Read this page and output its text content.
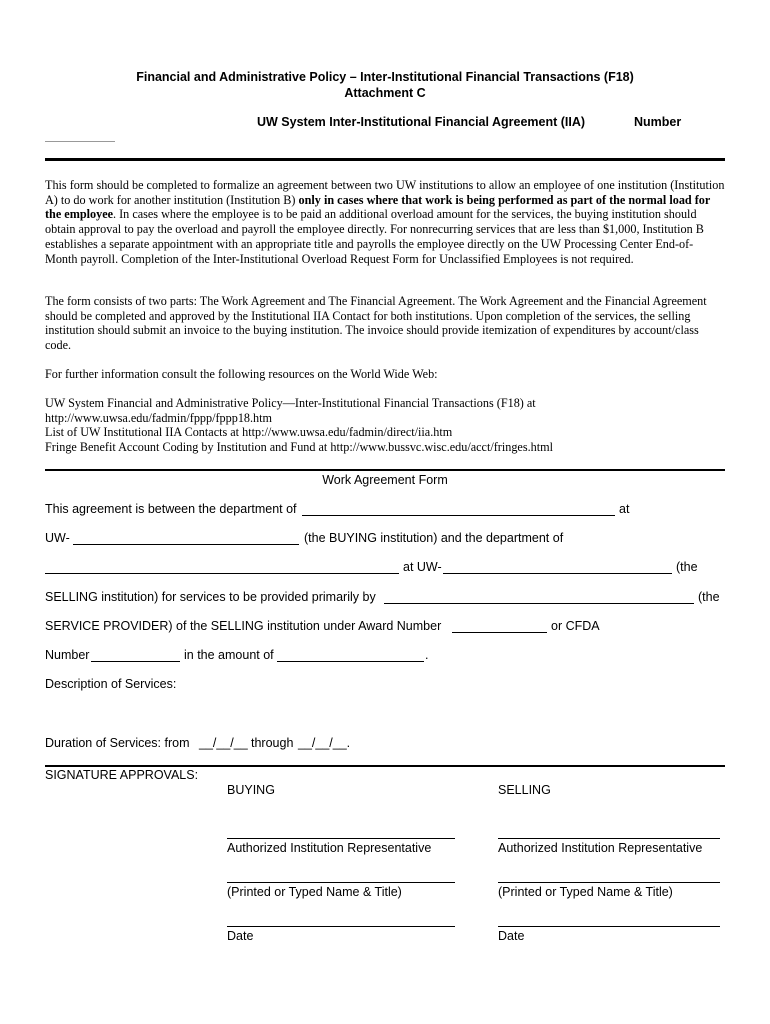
Financial and Administrative Policy – Inter-Institutional Financial Transactions (F18)
Attachment C
UW System Inter-Institutional Financial Agreement (IIA)	Number

This form should be completed to formalize an agreement between two UW institutions to allow an employee of one institution (Institution A) to do work for another institution (Institution B) only in cases where that work is being performed as part of the normal load for the employee. In cases where the employee is to be paid an additional overload amount for the services, the buying institution should obtain approval to pay the overload and payroll the employee directly. For nonrecurring services that are less than $1,000, Institution B establishes a separate appointment with an appropriate title and payrolls the employee directly on the UW Processing Center End-of-Month payroll. Completion of the Inter-Institutional Overload Request Form for Unclassified Employees is not required.

The form consists of two parts: The Work Agreement and The Financial Agreement. The Work Agreement and the Financial Agreement should be completed and approved by the Institutional IIA Contact for both institutions. Upon completion of the services, the selling institution should submit an invoice to the buying institution. The invoice should provide itemization of expenditures by account/class code.

For further information consult the following resources on the World Wide Web:

UW System Financial and Administrative Policy—Inter-Institutional Financial Transactions (F18) at

http://www.uwsa.edu/fadmin/fppp/fppp18.htm

List of UW Institutional IIA Contacts at http://www.uwsa.edu/fadmin/direct/iia.htm

Fringe Benefit Account Coding by Institution and Fund at http://www.bussvc.wisc.edu/acct/fringes.html

Work Agreement Form
This agreement is between the department of	at
UW-	(the BUYING institution) and the department of
at UW-	(the
SELLING institution) for services to be provided primarily by	(the
SERVICE PROVIDER) of the SELLING institution under Award Number	or CFDA
Number	in the amount of	.
Description of Services:
Duration of Services: from __/__/__ through __/__/__.
SIGNATURE APPROVALS:
BUYING	SELLING
Authorized Institution Representative	Authorized Institution Representative
(Printed or Typed Name & Title)	(Printed or Typed Name & Title)
Date	Date
